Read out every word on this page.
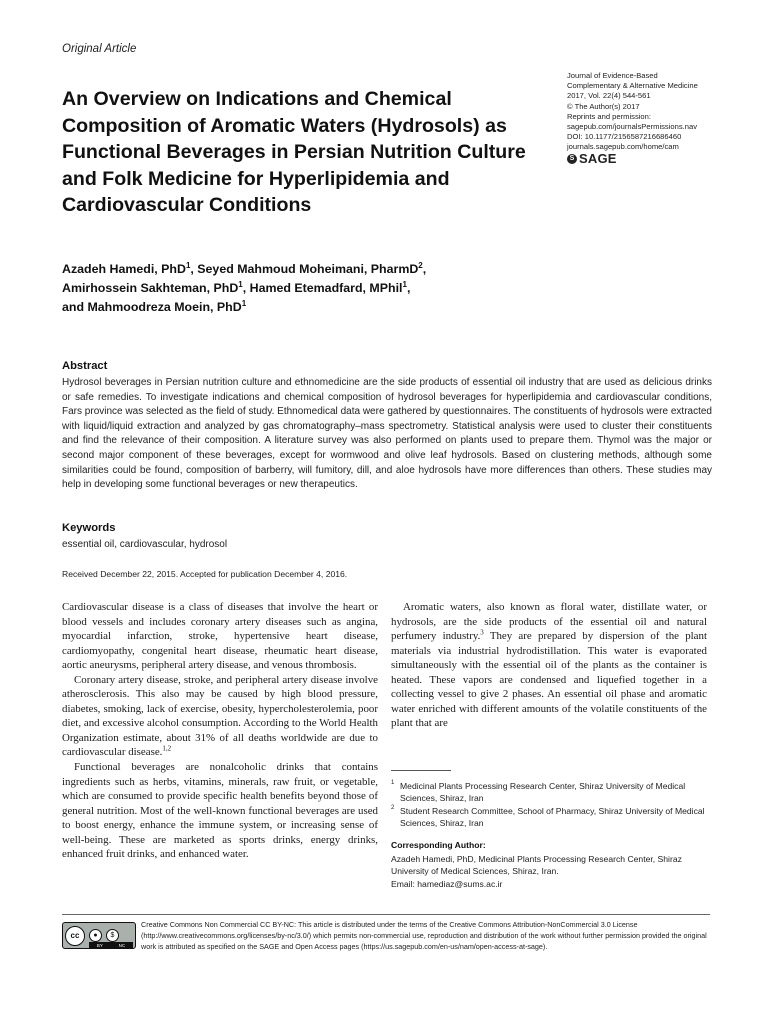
Original Article
An Overview on Indications and Chemical Composition of Aromatic Waters (Hydrosols) as Functional Beverages in Persian Nutrition Culture and Folk Medicine for Hyperlipidemia and Cardiovascular Conditions
Journal of Evidence-Based
Complementary & Alternative Medicine
2017, Vol. 22(4) 544-561
© The Author(s) 2017
Reprints and permission:
sagepub.com/journalsPermissions.nav
DOI: 10.1177/2156587216686460
journals.sagepub.com/home/cam
S SAGE
Azadeh Hamedi, PhD$^1$, Seyed Mahmoud Moheimani, PharmD$^2$,
Amirhossein Sakhteman, PhD$^1$, Hamed Etemadfard, MPhil$^1$,
and Mahmoodreza Moein, PhD$^1$
Abstract
Hydrosol beverages in Persian nutrition culture and ethnomedicine are the side products of essential oil industry that are used as delicious drinks or safe remedies. To investigate indications and chemical composition of hydrosol beverages for hyperlipidemia and cardiovascular conditions, Fars province was selected as the field of study. Ethnomedical data were gathered by questionnaires. The constituents of hydrosols were extracted with liquid/liquid extraction and analyzed by gas chromatography–mass spectrometry. Statistical analysis were used to cluster their constituents and find the relevance of their composition. A literature survey was also performed on plants used to prepare them. Thymol was the major or second major component of these beverages, except for wormwood and olive leaf hydrosols. Based on clustering methods, although some similarities could be found, composition of barberry, will fumitory, dill, and aloe hydrosols have more differences than others. These studies may help in developing some functional beverages or new therapeutics.
Keywords
essential oil, cardiovascular, hydrosol
Received December 22, 2015. Accepted for publication December 4, 2016.

Cardiovascular disease is a class of diseases that involve the heart or blood vessels and includes coronary artery diseases such as angina, myocardial infarction, stroke, hypertensive heart disease, cardiomyopathy, congenital heart disease, rheumatic heart disease, aortic aneurysms, peripheral artery disease, and venous thrombosis.

Coronary artery disease, stroke, and peripheral artery disease involve atherosclerosis. This also may be caused by high blood pressure, diabetes, smoking, lack of exercise, obesity, hypercholesterolemia, poor diet, and excessive alcohol consumption. According to the World Health Organization estimate, about 31% of all deaths worldwide are due to cardiovascular disease.$^{1,2}$

Functional beverages are nonalcoholic drinks that contains ingredients such as herbs, vitamins, minerals, raw fruit, or vegetable, which are consumed to provide specific health benefits beyond those of general nutrition. Most of the well-known functional beverages are used to boost energy, enhance the immune system, or increasing sense of well-being. These are marketed as sports drinks, energy drinks, enhanced fruit drinks, and enhanced water.

Aromatic waters, also known as floral water, distillate water, or hydrosols, are the side products of the essential oil and natural perfumery industry.$^3$ They are prepared by dispersion of the plant materials via industrial hydrodistillation. This water is evaporated simultaneously with the essential oil of the plants as the container is heated. These vapors are condensed and liquefied together in a collecting vessel to give 2 phases. An essential oil phase and aromatic water enriched with different amounts of the volatile constituents of the plant that are

1 Medicinal Plants Processing Research Center, Shiraz University of Medical Sciences, Shiraz, Iran
2 Student Research Committee, School of Pharmacy, Shiraz University of Medical Sciences, Shiraz, Iran
Corresponding Author:
Azadeh Hamedi, PhD, Medicinal Plants Processing Research Center, Shiraz University of Medical Sciences, Shiraz, Iran.
Email: hamediaz@sums.ac.ir
cc	●	$
BY	NC
Creative Commons Non Commercial CC BY-NC: This article is distributed under the terms of the Creative Commons Attribution-NonCommercial 3.0 License (http://www.creativecommons.org/licenses/by-nc/3.0/) which permits non-commercial use, reproduction and distribution of the work without further permission provided the original work is attributed as specified on the SAGE and Open Access pages (https://us.sagepub.com/en-us/nam/open-access-at-sage).
